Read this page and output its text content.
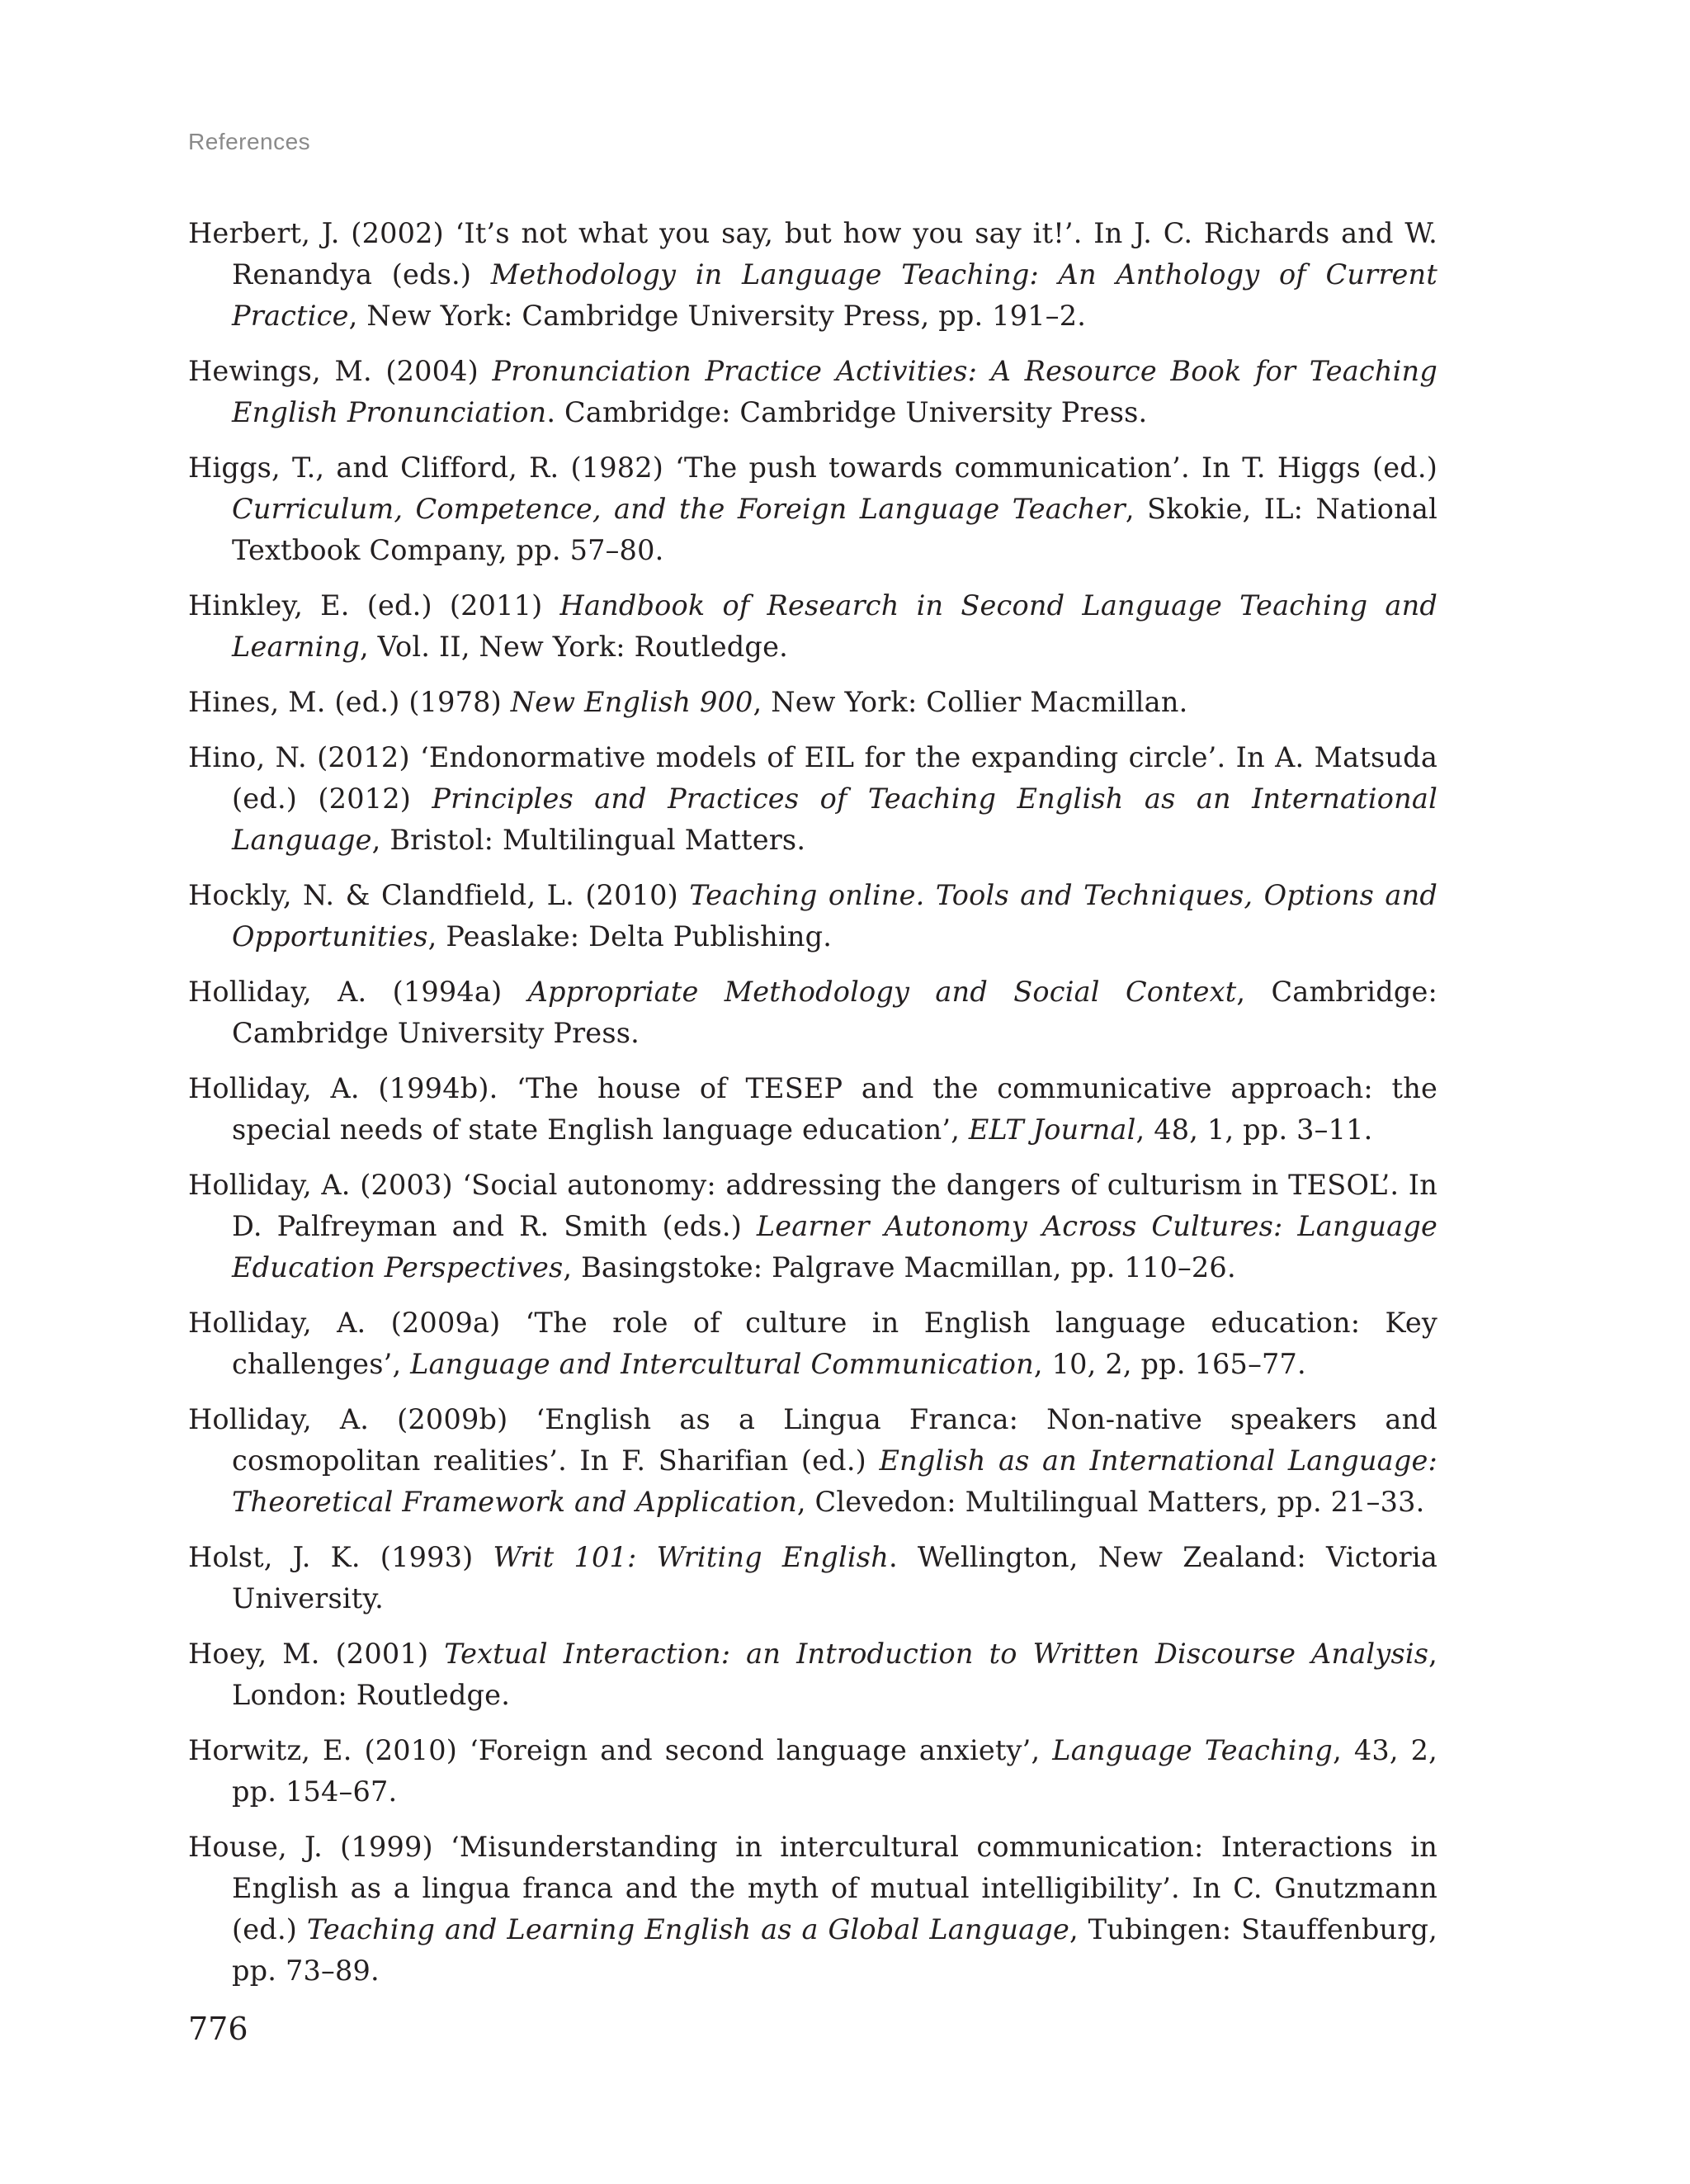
References
Herbert, J. (2002) ‘It’s not what you say, but how you say it!’. In J. C. Richards and W. Renandya (eds.) Methodology in Language Teaching: An Anthology of Current Practice, New York: Cambridge University Press, pp. 191–2.
Hewings, M. (2004) Pronunciation Practice Activities: A Resource Book for Teaching English Pronunciation. Cambridge: Cambridge University Press.
Higgs, T., and Clifford, R. (1982) ‘The push towards communication’. In T. Higgs (ed.) Curriculum, Competence, and the Foreign Language Teacher, Skokie, IL: National Textbook Company, pp. 57–80.
Hinkley, E. (ed.) (2011) Handbook of Research in Second Language Teaching and Learning, Vol. II, New York: Routledge.
Hines, M. (ed.) (1978) New English 900, New York: Collier Macmillan.
Hino, N. (2012) ‘Endonormative models of EIL for the expanding circle’. In A. Matsuda (ed.) (2012) Principles and Practices of Teaching English as an International Language, Bristol: Multilingual Matters.
Hockly, N. & Clandfield, L. (2010) Teaching online. Tools and Techniques, Options and Opportunities, Peaslake: Delta Publishing.
Holliday, A. (1994a) Appropriate Methodology and Social Context, Cambridge: Cambridge University Press.
Holliday, A. (1994b). ‘The house of TESEP and the communicative approach: the special needs of state English language education’, ELT Journal, 48, 1, pp. 3–11.
Holliday, A. (2003) ‘Social autonomy: addressing the dangers of culturism in TESOL’. In D. Palfreyman and R. Smith (eds.) Learner Autonomy Across Cultures: Language Education Perspectives, Basingstoke: Palgrave Macmillan, pp. 110–26.
Holliday, A. (2009a) ‘The role of culture in English language education: Key challenges’, Language and Intercultural Communication, 10, 2, pp. 165–77.
Holliday, A. (2009b) ‘English as a Lingua Franca: Non-native speakers and cosmopolitan realities’. In F. Sharifian (ed.) English as an International Language: Theoretical Framework and Application, Clevedon: Multilingual Matters, pp. 21–33.
Holst, J. K. (1993) Writ 101: Writing English. Wellington, New Zealand: Victoria University.
Hoey, M. (2001) Textual Interaction: an Introduction to Written Discourse Analysis, London: Routledge.
Horwitz, E. (2010) ‘Foreign and second language anxiety’, Language Teaching, 43, 2, pp. 154–67.
House, J. (1999) ‘Misunderstanding in intercultural communication: Interactions in English as a lingua franca and the myth of mutual intelligibility’. In C. Gnutzmann (ed.) Teaching and Learning English as a Global Language, Tubingen: Stauffenburg, pp. 73–89.
776
